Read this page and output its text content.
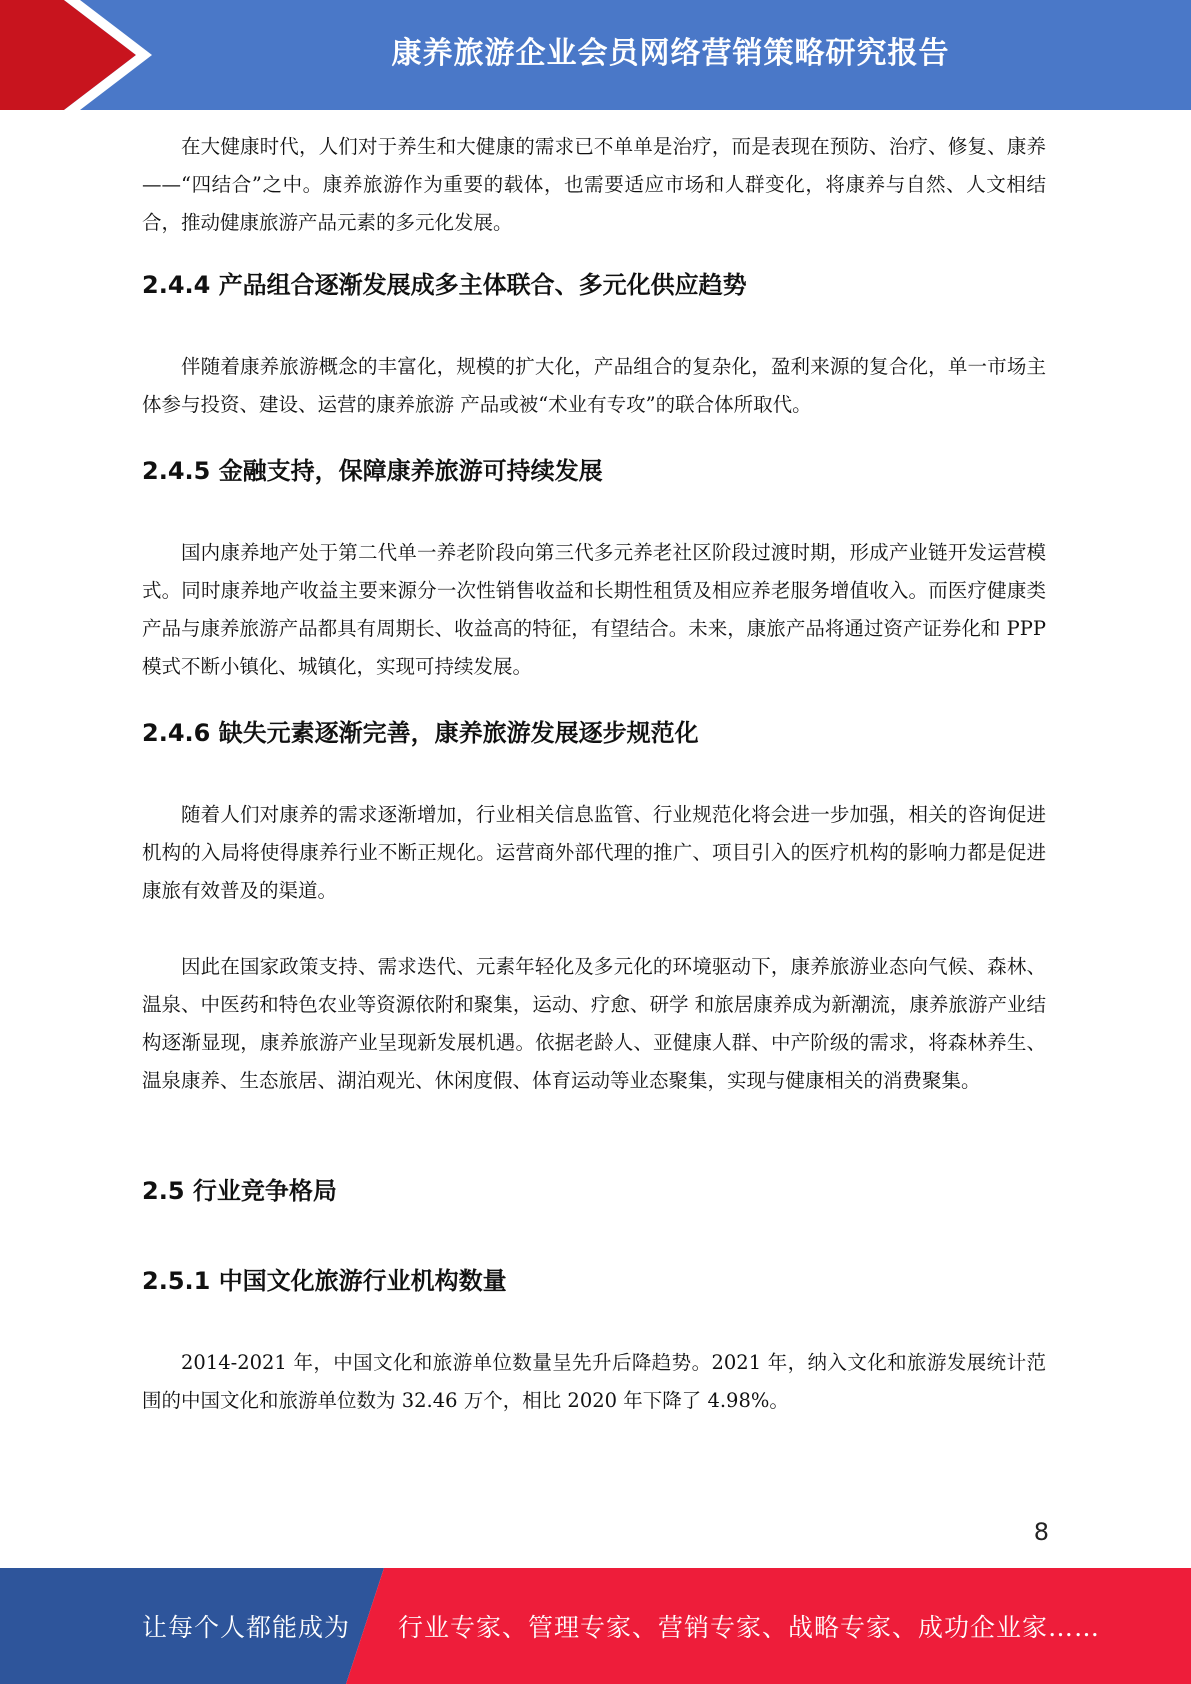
康养旅游企业会员网络营销策略研究报告

在大健康时代，人们对于养生和大健康的需求已不单单是治疗，而是表现在预防、治疗、修复、康养——“四结合”之中。康养旅游作为重要的载体，也需要适应市场和人群变化，将康养与自然、人文相结合，推动健康旅游产品元素的多元化发展。

2.4.4 产品组合逐渐发展成多主体联合、多元化供应趋势

伴随着康养旅游概念的丰富化，规模的扩大化，产品组合的复杂化，盈利来源的复合化，单一市场主体参与投资、建设、运营的康养旅游 产品或被“术业有专攻”的联合体所取代。

2.4.5 金融支持，保障康养旅游可持续发展

国内康养地产处于第二代单一养老阶段向第三代多元养老社区阶段过渡时期，形成产业链开发运营模式。同时康养地产收益主要来源分一次性销售收益和长期性租赁及相应养老服务增值收入。而医疗健康类产品与康养旅游产品都具有周期长、收益高的特征，有望结合。未来，康旅产品将通过资产证券化和 PPP 模式不断小镇化、城镇化，实现可持续发展。

2.4.6 缺失元素逐渐完善，康养旅游发展逐步规范化

随着人们对康养的需求逐渐增加，行业相关信息监管、行业规范化将会进一步加强，相关的咨询促进机构的入局将使得康养行业不断正规化。运营商外部代理的推广、项目引入的医疗机构的影响力都是促进康旅有效普及的渠道。

因此在国家政策支持、需求迭代、元素年轻化及多元化的环境驱动下，康养旅游业态向气候、森林、温泉、中医药和特色农业等资源依附和聚集，运动、疗愈、研学 和旅居康养成为新潮流，康养旅游产业结构逐渐显现，康养旅游产业呈现新发展机遇。依据老龄人、亚健康人群、中产阶级的需求，将森林养生、温泉康养、生态旅居、湖泊观光、休闲度假、体育运动等业态聚集，实现与健康相关的消费聚集。

2.5 行业竞争格局
2.5.1 中国文化旅游行业机构数量

2014-2021 年，中国文化和旅游单位数量呈先升后降趋势。2021 年，纳入文化和旅游发展统计范围的中国文化和旅游单位数为 32.46 万个，相比 2020 年下降了 4.98%。

8
让每个人都能成为 行业专家、管理专家、营销专家、战略专家、成功企业家……
